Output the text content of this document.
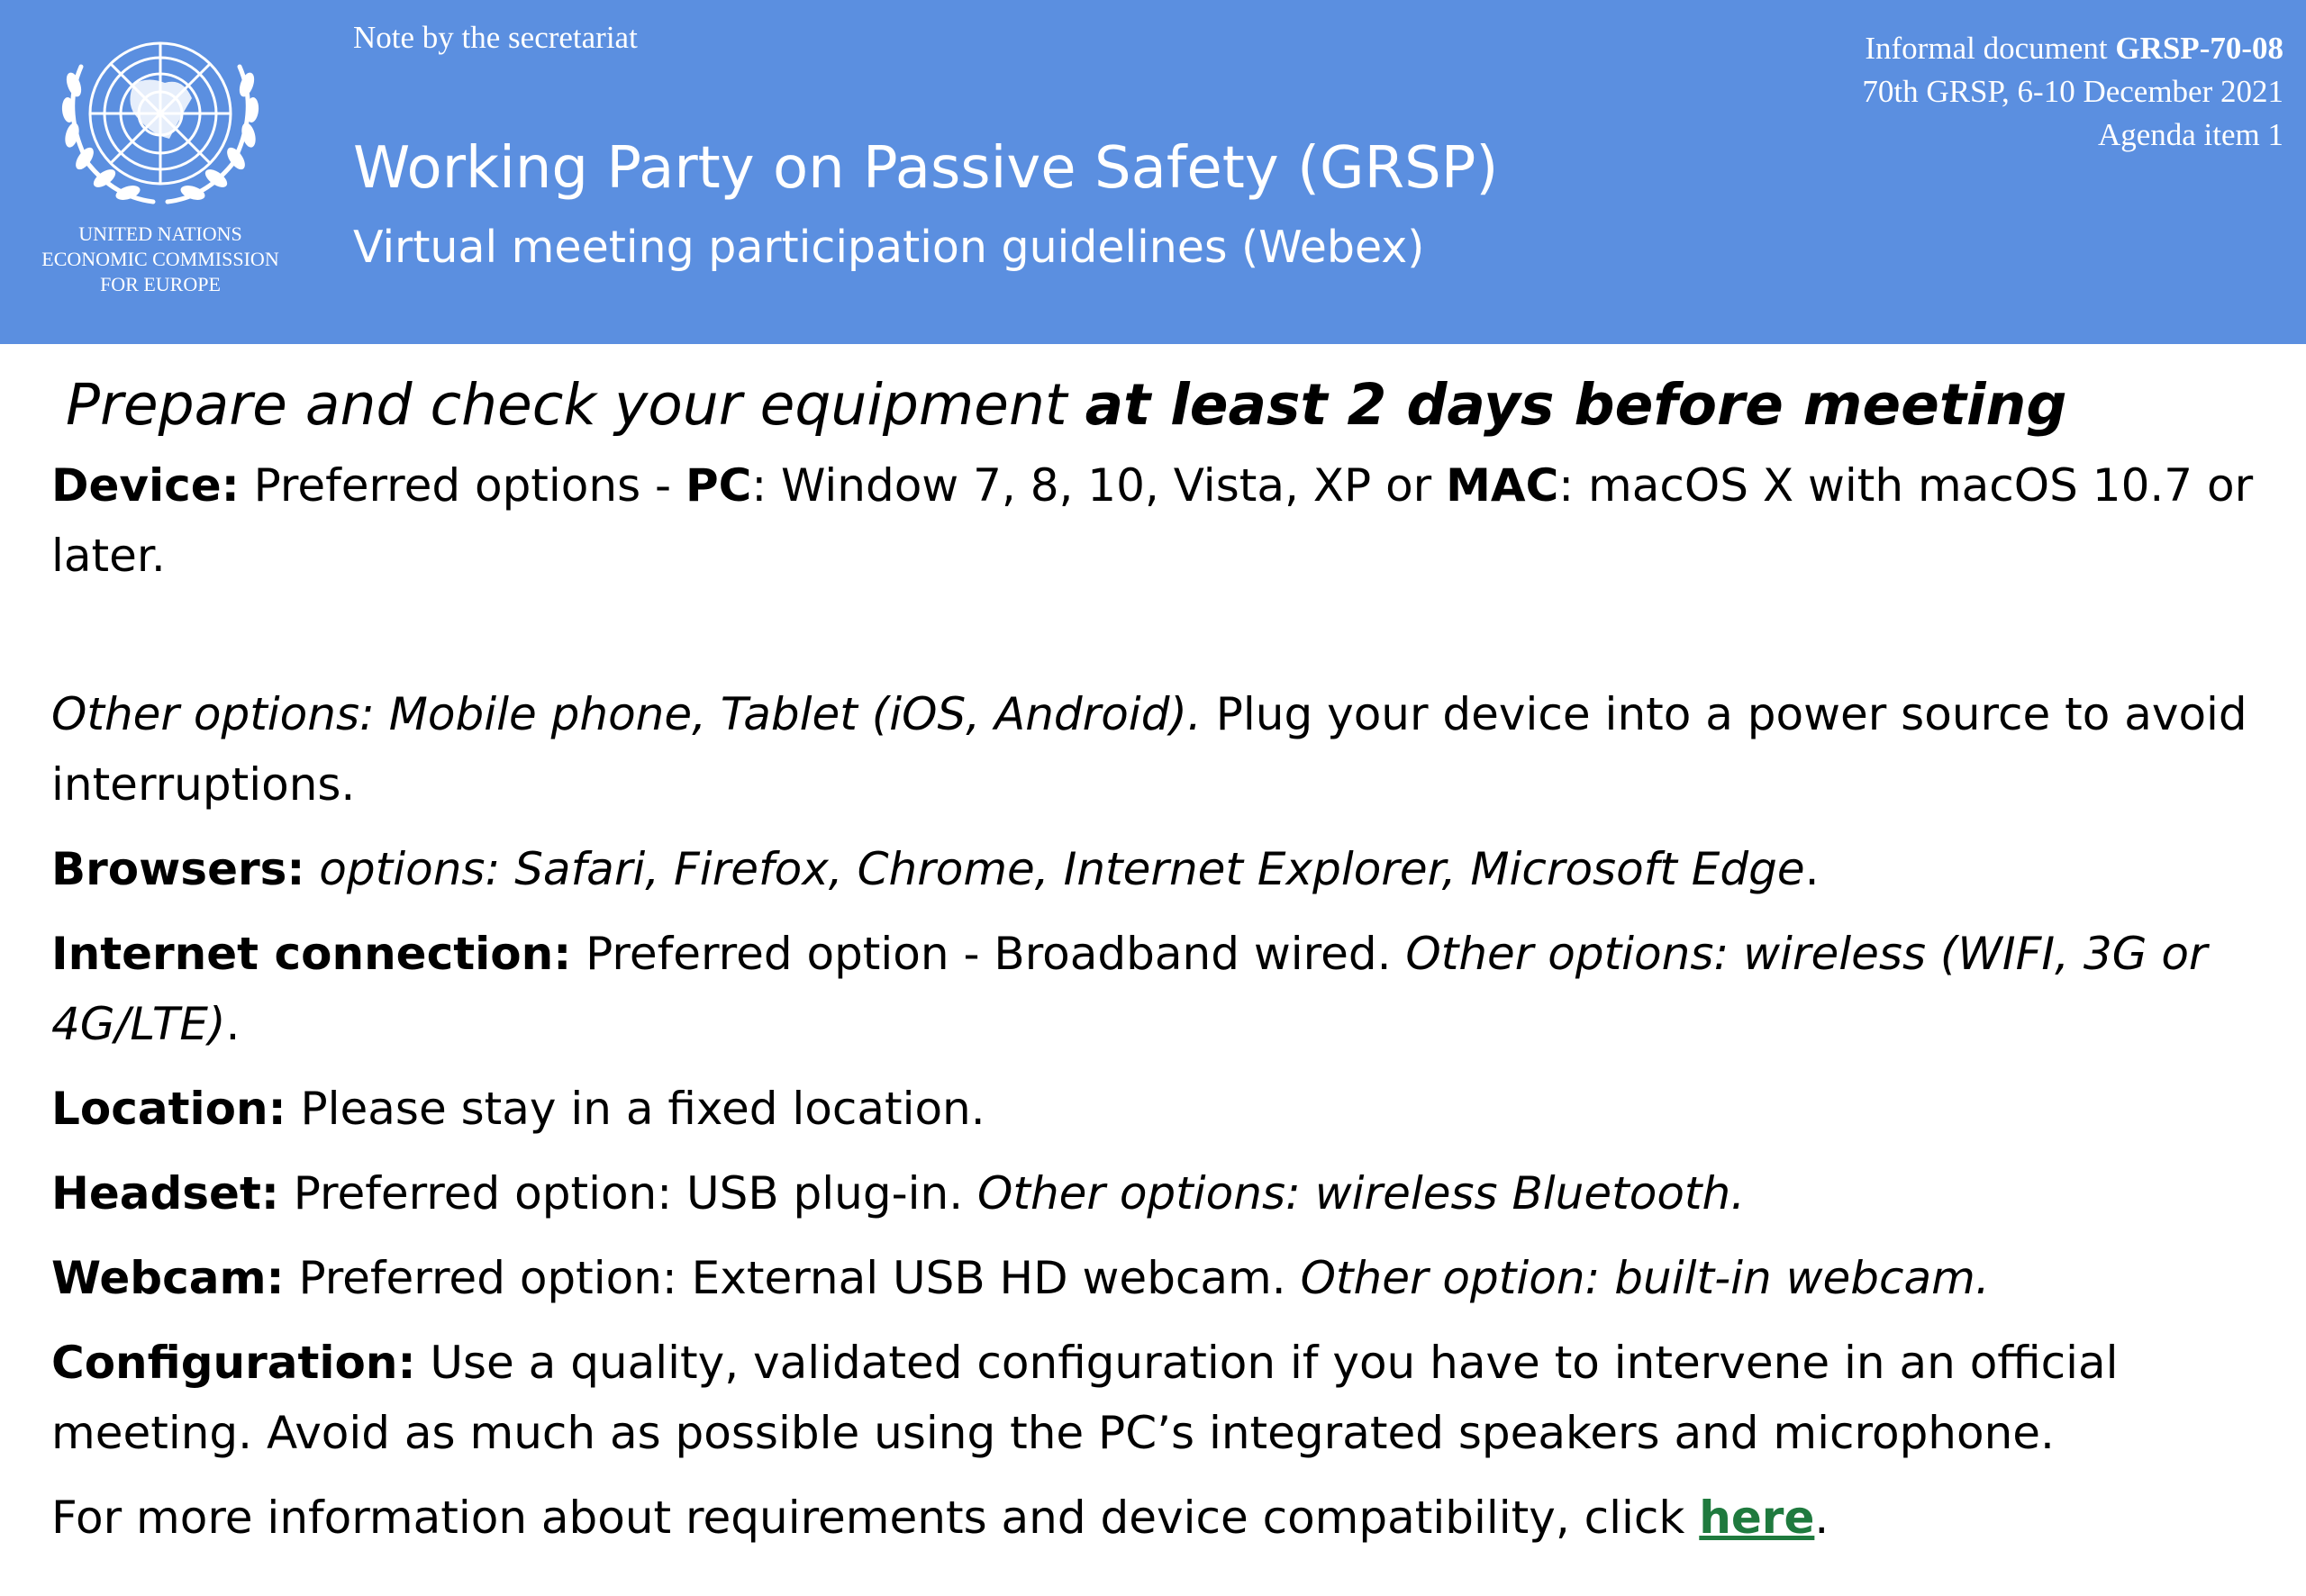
UNITED NATIONS
ECONOMIC COMMISSION
FOR EUROPE
Note by the secretariat	Informal document GRSP-70-08
70th GRSP, 6-10 December 2021
Agenda item 1
Working Party on Passive Safety (GRSP)
Virtual meeting participation guidelines (Webex)
Prepare and check your equipment at least 2 days before meeting

Device: Preferred options - PC: Window 7, 8, 10, Vista, XP or MAC: macOS X with macOS 10.7 or later.

Other options: Mobile phone, Tablet (iOS, Android). Plug your device into a power source to avoid interruptions.

Browsers: options: Safari, Firefox, Chrome, Internet Explorer, Microsoft Edge.

Internet connection: Preferred option - Broadband wired. Other options: wireless (WIFI, 3G or 4G/LTE).

Location: Please stay in a fixed location.

Headset: Preferred option: USB plug-in. Other options: wireless Bluetooth.

Webcam: Preferred option: External USB HD webcam. Other option: built-in webcam.

Configuration: Use a quality, validated configuration if you have to intervene in an official meeting. Avoid as much as possible using the PC’s integrated speakers and microphone.

For more information about requirements and device compatibility, click here.
